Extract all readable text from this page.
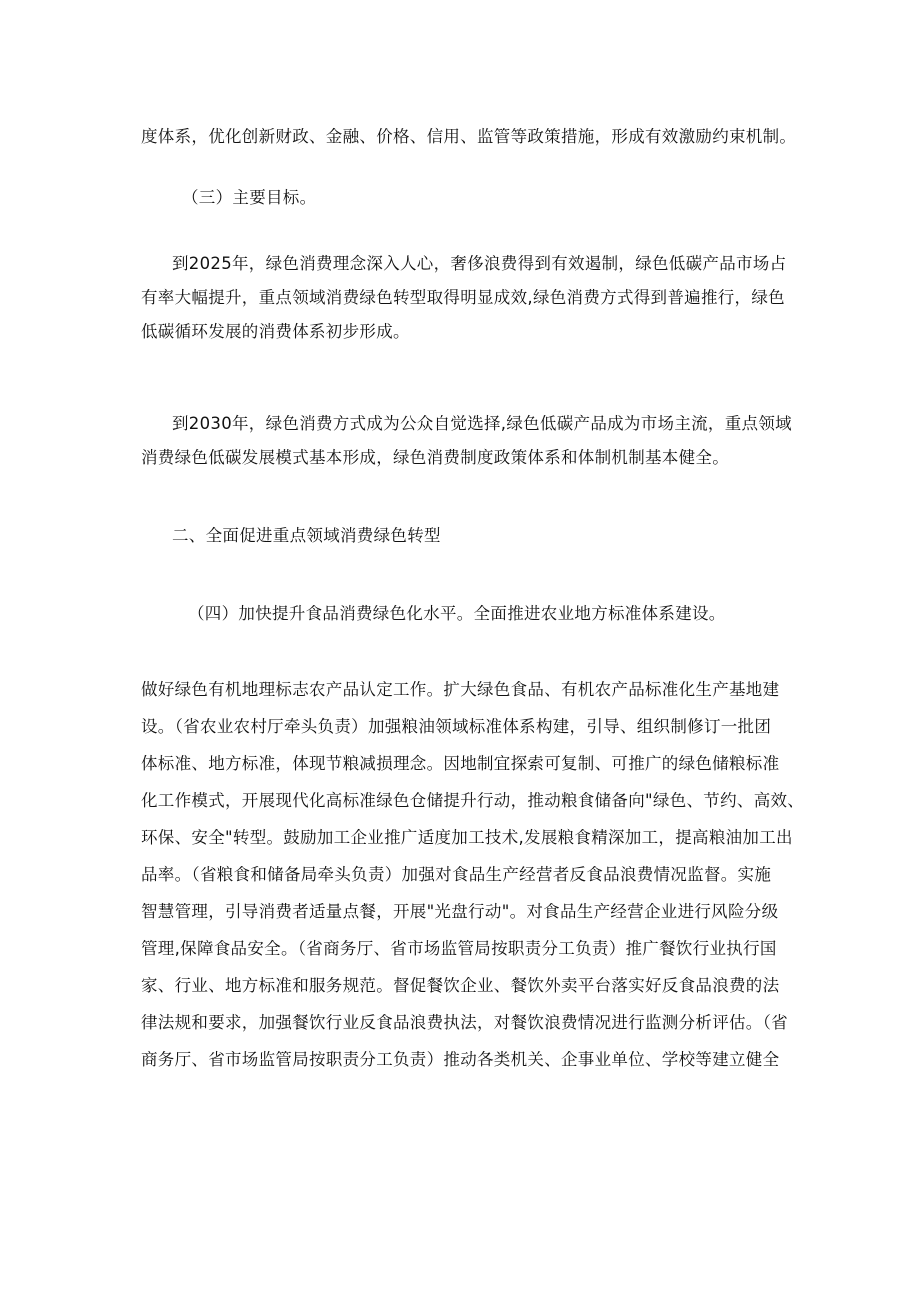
度体系，优化创新财政、金融、价格、信用、监管等政策措施，形成有效激励约束机制。
（三）主要目标。
到2025年，绿色消费理念深入人心，奢侈浪费得到有效遏制，绿色低碳产品市场占
有率大幅提升，重点领域消费绿色转型取得明显成效,绿色消费方式得到普遍推行，绿色
低碳循环发展的消费体系初步形成。
到2030年，绿色消费方式成为公众自觉选择,绿色低碳产品成为市场主流，重点领域
消费绿色低碳发展模式基本形成，绿色消费制度政策体系和体制机制基本健全。
二、全面促进重点领域消费绿色转型
（四）加快提升食品消费绿色化水平。全面推进农业地方标准体系建设。
做好绿色有机地理标志农产品认定工作。扩大绿色食品、有机农产品标准化生产基地建
设。（省农业农村厅牵头负责）加强粮油领域标准体系构建，引导、组织制修订一批团
体标准、地方标准，体现节粮减损理念。因地制宜探索可复制、可推广的绿色储粮标准
化工作模式，开展现代化高标准绿色仓储提升行动，推动粮食储备向"绿色、节约、高效、
环保、安全"转型。鼓励加工企业推广适度加工技术,发展粮食精深加工，提高粮油加工出
品率。（省粮食和储备局牵头负责）加强对食品生产经营者反食品浪费情况监督。实施
智慧管理，引导消费者适量点餐，开展"光盘行动"。对食品生产经营企业进行风险分级
管理,保障食品安全。（省商务厅、省市场监管局按职责分工负责）推广餐饮行业执行国
家、行业、地方标准和服务规范。督促餐饮企业、餐饮外卖平台落实好反食品浪费的法
律法规和要求，加强餐饮行业反食品浪费执法，对餐饮浪费情况进行监测分析评估。（省
商务厅、省市场监管局按职责分工负责）推动各类机关、企事业单位、学校等建立健全
